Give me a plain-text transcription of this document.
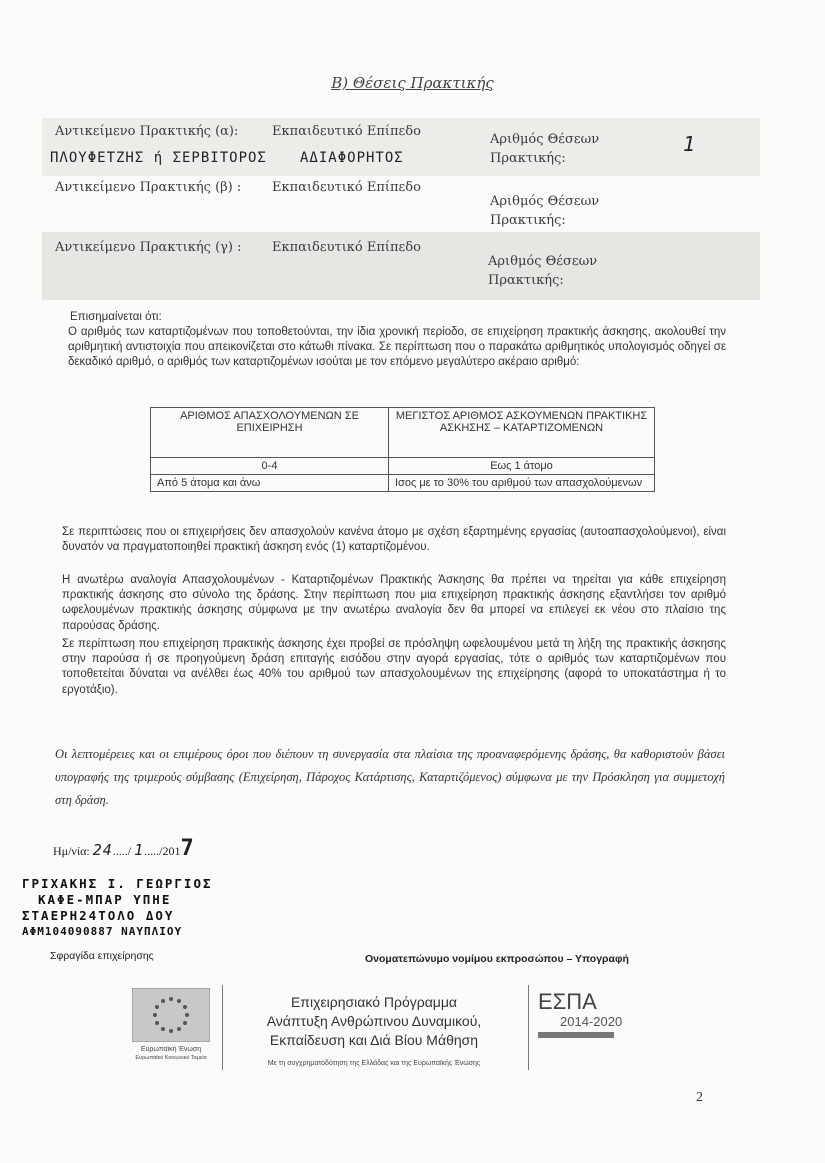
B) Θέσεις Πρακτικής
Αντικείμενο Πρακτικής (α):
ΠΛΟΥΦΕΤΖΗΣ ή ΣΕΡΒΙΤΟΡΟΣ
Εκπαιδευτικό Επίπεδο
ΑΔΙΑΦΟΡΗΤΟΣ
Αριθμός Θέσεων Πρακτικής:
1
Αντικείμενο Πρακτικής (β) : Εκπαιδευτικό Επίπεδο
Αριθμός Θέσεων Πρακτικής:
Αντικείμενο Πρακτικής (γ) : Εκπαιδευτικό Επίπεδο
Αριθμός Θέσεων Πρακτικής:
Επισημαίνεται ότι:
Ο αριθμός των καταρτιζομένων που τοποθετούνται, την ίδια χρονική περίοδο, σε επιχείρηση πρακτικής άσκησης, ακολουθεί την αριθμητική αντιστοιχία που απεικονίζεται στο κάτωθι πίνακα. Σε περίπτωση που ο παρακάτω αριθμητικός υπολογισμός οδηγεί σε δεκαδικό αριθμό, ο αριθμός των καταρτιζομένων ισούται με τον επόμενο μεγαλύτερο ακέραιο αριθμό:
ΑΡΙΘΜΟΣ ΑΠΑΣΧΟΛΟΥΜΕΝΩΝ ΣΕ ΕΠΙΧΕΙΡΗΣΗ	ΜΕΓΙΣΤΟΣ ΑΡΙΘΜΟΣ ΑΣΚΟΥΜΕΝΩΝ ΠΡΑΚΤΙΚΗΣ ΑΣΚΗΣΗΣ – ΚΑΤΑΡΤΙΖΟΜΕΝΩΝ
0-4	Εως 1 άτομο
Από 5 άτομα και άνω	Ισος με το 30% του αριθμού των απασχολούμενων
Σε περιπτώσεις που οι επιχειρήσεις δεν απασχολούν κανένα άτομο με σχέση εξαρτημένης εργασίας (αυτοαπασχολούμενοι), είναι δυνατόν να πραγματοποιηθεί πρακτική άσκηση ενός (1) καταρτιζομένου.
Η ανωτέρω αναλογία Απασχολουμένων - Καταρτιζομένων Πρακτικής Άσκησης θα πρέπει να τηρείται για κάθε επιχείρηση πρακτικής άσκησης στο σύνολο της δράσης. Στην περίπτωση που μια επιχείρηση πρακτικής άσκησης εξαντλήσει τον αριθμό ωφελουμένων πρακτικής άσκησης σύμφωνα με την ανωτέρω αναλογία δεν θα μπορεί να επιλεγεί εκ νέου στο πλαίσιο της παρούσας δράσης.
Σε περίπτωση που επιχείρηση πρακτικής άσκησης έχει προβεί σε πρόσληψη ωφελουμένου μετά τη λήξη της πρακτικής άσκησης στην παρούσα ή σε προηγούμενη δράση επιταγής εισόδου στην αγορά εργασίας, τότε ο αριθμός των καταρτιζομένων που τοποθετείται δύναται να ανέλθει έως 40% του αριθμού των απασχολουμένων της επιχείρησης (αφορά το υποκατάστημα ή το εργοτάξιο).
Οι λεπτομέρειες και οι επιμέρους όροι που διέπουν τη συνεργασία στα πλαίσια της προαναφερόμενης δράσης, θα καθοριστούν βάσει υπογραφής της τριμερούς σύμβασης (Επιχείρηση, Πάροχος Κατάρτισης, Καταρτιζόμενος) σύμφωνα με την Πρόσκληση για συμμετοχή στη δράση.
Ημ/νία: 24...../ 1...../2017
ΓΡΙΧΑΚΗΣ Ι. ΓΕΩΡΓΙΟΣ
ΚΑΦΕ-ΜΠΑΡ ΥΠΗΕ
ΣΤΑΕΡΗ24ΤΟΛΟ ΔΟΥ
ΑΦΜ104090887 ΝΑΥΠΛΙΟΥ
Σφραγίδα επιχείρησης	Ονοματεπώνυμο νομίμου εκπροσώπου – Υπογραφή
Ευρωπαϊκή Ένωση
Ευρωπαϊκό Κοινωνικό Ταμείο
Επιχειρησιακό Πρόγραμμα
Ανάπτυξη Ανθρώπινου Δυναμικού,
Εκπαίδευση και Διά Βίου Μάθηση
Με τη συγχρηματοδότηση της Ελλάδας και της Ευρωπαϊκής Ένωσης
ΕΣΠΑ
2014-2020
2
